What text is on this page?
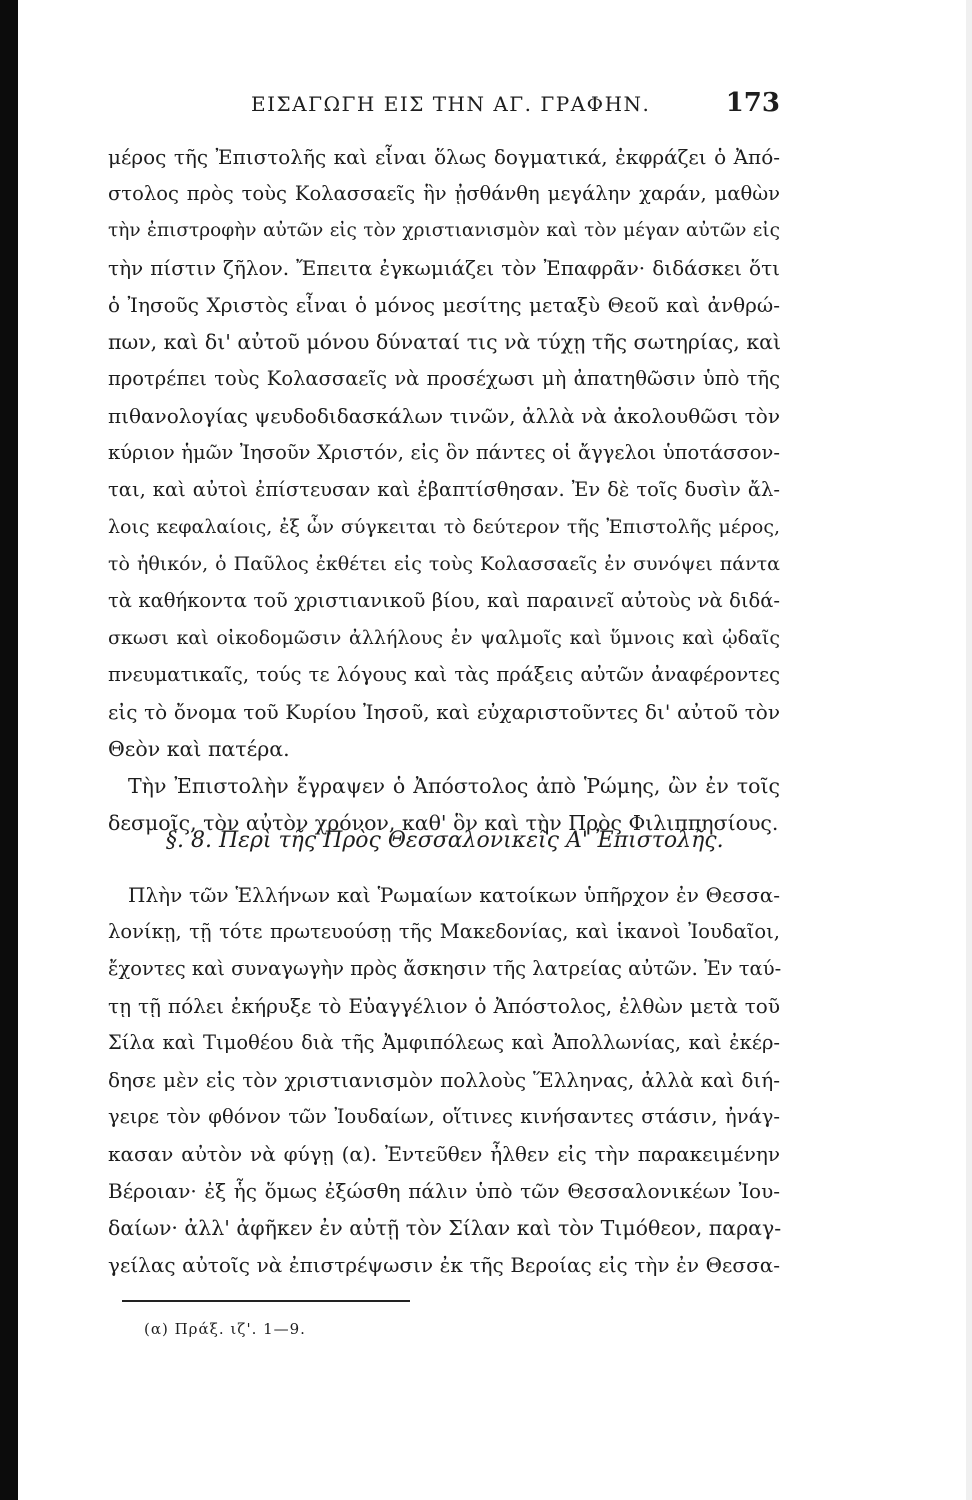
ΕΙΣΑΓΩΓΗ ΕΙΣ ΤΗΝ ΑΓ. ΓΡΑΦΗΝ.	173
μέρος τῆς Ἐπιστολῆς καὶ εἶναι ὅλως δογματικά, ἐκφράζει ὁ Ἀπό-
στολος πρὸς τοὺς Κολασσαεῖς ἣν ᾐσθάνθη μεγάλην χαράν, μαθὼν
τὴν ἐπιστροφὴν αὐτῶν εἰς τὸν χριστιανισμὸν καὶ τὸν μέγαν αὐτῶν εἰς
τὴν πίστιν ζῆλον. Ἔπειτα ἐγκωμιάζει τὸν Ἐπαφρᾶν· διδάσκει ὅτι
ὁ Ἰησοῦς Χριστὸς εἶναι ὁ μόνος μεσίτης μεταξὺ Θεοῦ καὶ ἀνθρώ-
πων, καὶ δι' αὐτοῦ μόνου δύναταί τις νὰ τύχῃ τῆς σωτηρίας, καὶ
προτρέπει τοὺς Κολασσαεῖς νὰ προσέχωσι μὴ ἀπατηθῶσιν ὑπὸ τῆς
πιθανολογίας ψευδοδιδασκάλων τινῶν, ἀλλὰ νὰ ἀκολουθῶσι τὸν
κύριον ἡμῶν Ἰησοῦν Χριστόν, εἰς ὃν πάντες οἱ ἄγγελοι ὑποτάσσον-
ται, καὶ αὐτοὶ ἐπίστευσαν καὶ ἐβαπτίσθησαν. Ἐν δὲ τοῖς δυσὶν ἄλ-
λοις κεφαλαίοις, ἐξ ὧν σύγκειται τὸ δεύτερον τῆς Ἐπιστολῆς μέρος,
τὸ ἠθικόν, ὁ Παῦλος ἐκθέτει εἰς τοὺς Κολασσαεῖς ἐν συνόψει πάντα
τὰ καθήκοντα τοῦ χριστιανικοῦ βίου, καὶ παραινεῖ αὐτοὺς νὰ διδά-
σκωσι καὶ οἰκοδομῶσιν ἀλλήλους ἐν ψαλμοῖς καὶ ὕμνοις καὶ ᾠδαῖς
πνευματικαῖς, τούς τε λόγους καὶ τὰς πράξεις αὐτῶν ἀναφέροντες
εἰς τὸ ὄνομα τοῦ Κυρίου Ἰησοῦ, καὶ εὐχαριστοῦντες δι' αὐτοῦ τὸν
Θεὸν καὶ πατέρα.
Τὴν Ἐπιστολὴν ἔγραψεν ὁ Ἀπόστολος ἀπὸ Ῥώμης, ὢν ἐν τοῖς
δεσμοῖς, τὸν αὐτὸν χρόνον, καθ' ὃν καὶ τὴν Πρὸς Φιλιππησίους.
§. 8. Περὶ τῆς Πρὸς Θεσσαλονικεῖς Α' Ἐπιστολῆς.
Πλὴν τῶν Ἑλλήνων καὶ Ῥωμαίων κατοίκων ὑπῆρχον ἐν Θεσσα-
λονίκῃ, τῇ τότε πρωτευούσῃ τῆς Μακεδονίας, καὶ ἱκανοὶ Ἰουδαῖοι,
ἔχοντες καὶ συναγωγὴν πρὸς ἄσκησιν τῆς λατρείας αὐτῶν. Ἐν ταύ-
τῃ τῇ πόλει ἐκήρυξε τὸ Εὐαγγέλιον ὁ Ἀπόστολος, ἐλθὼν μετὰ τοῦ
Σίλα καὶ Τιμοθέου διὰ τῆς Ἀμφιπόλεως καὶ Ἀπολλωνίας, καὶ ἐκέρ-
δησε μὲν εἰς τὸν χριστιανισμὸν πολλοὺς Ἕλληνας, ἀλλὰ καὶ διή-
γειρε τὸν φθόνον τῶν Ἰουδαίων, οἵτινες κινήσαντες στάσιν, ἠνάγ-
κασαν αὐτὸν νὰ φύγῃ (α). Ἐντεῦθεν ἦλθεν εἰς τὴν παρακειμένην
Βέροιαν· ἐξ ἧς ὅμως ἐξώσθη πάλιν ὑπὸ τῶν Θεσσαλονικέων Ἰου-
δαίων· ἀλλ' ἀφῆκεν ἐν αὐτῇ τὸν Σίλαν καὶ τὸν Τιμόθεον, παραγ-
γείλας αὐτοῖς νὰ ἐπιστρέψωσιν ἐκ τῆς Βεροίας εἰς τὴν ἐν Θεσσα-
(α) Πράξ. ιζ'. 1—9.
